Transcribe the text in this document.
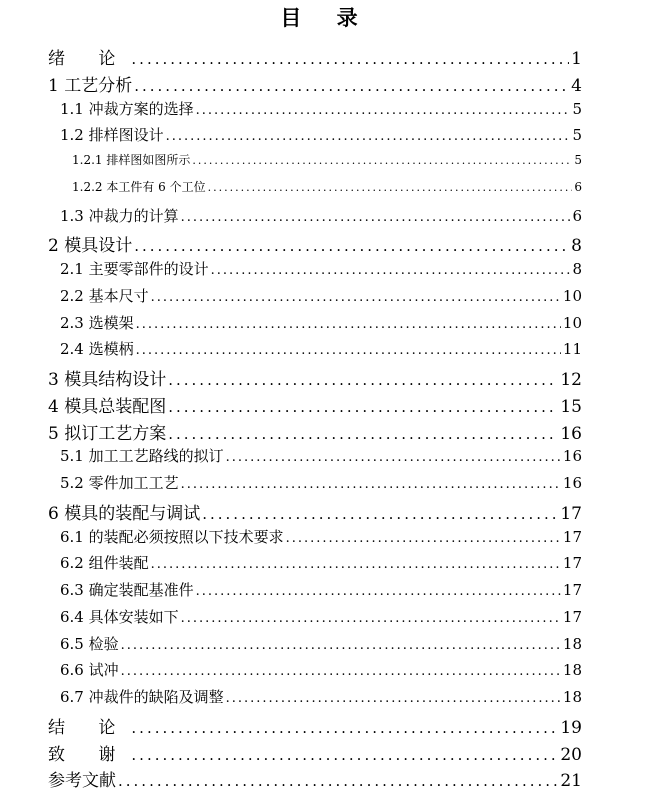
目 录
绪 论 .....	1
1 工艺分析 .....	4
1.1 冲裁方案的选择 .....	5
1.2 排样图设计 .....	5
1.2.1 排样图如图所示 .....	5
1.2.2 本工件有 6 个工位 .....	6
1.3 冲裁力的计算 .....	6
2 模具设计 .....	8
2.1 主要零部件的设计 .....	8
2.2 基本尺寸 .....	10
2.3 选模架 .....	10
2.4 选模柄 .....	11
3 模具结构设计 .....	12
4 模具总装配图 .....	15
5 拟订工艺方案 .....	16
5.1 加工工艺路线的拟订 .....	16
5.2 零件加工工艺 .....	16
6 模具的装配与调试 .....	17
6.1 的装配必须按照以下技术要求 .....	17
6.2 组件装配 .....	17
6.3 确定装配基准件 .....	17
6.4 具体安装如下 .....	17
6.5 检验 .....	18
6.6 试冲 .....	18
6.7 冲裁件的缺陷及调整 .....	18
结 论 .....	19
致 谢 .....	20
参考文献 .....	21
